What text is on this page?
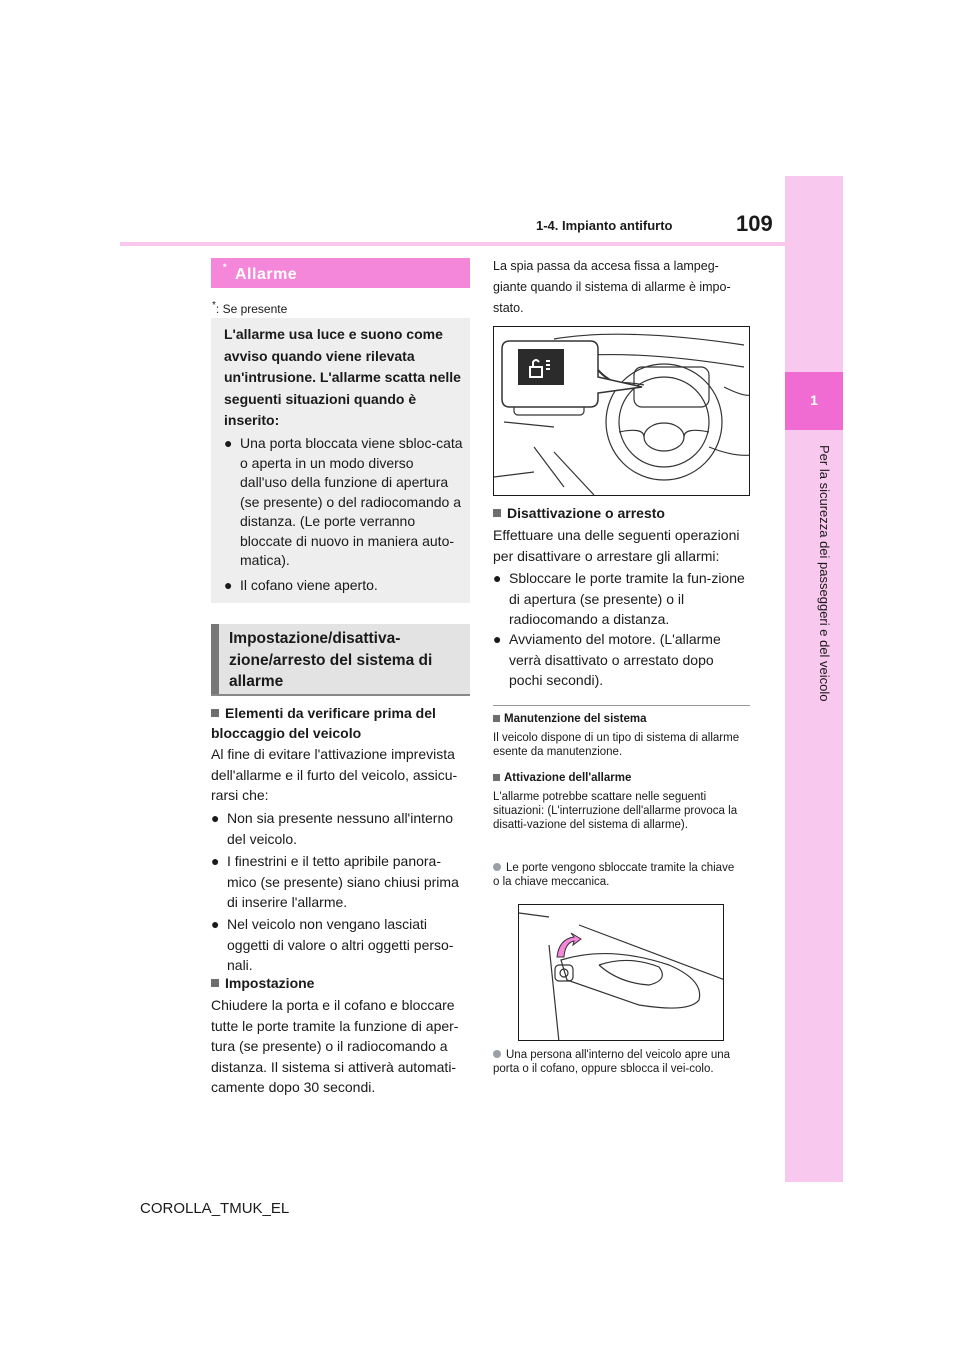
1
Per la sicurezza dei passeggeri e del veicolo
1-4. Impianto antifurto	109
Allarme
*
*: Se presente
L'allarme usa luce e suono come avviso quando viene rilevata un'intrusione. L'allarme scatta nelle seguenti situazioni quando è inserito:
● Una porta bloccata viene sbloc-cata o aperta in un modo diverso dall'uso della funzione di apertura (se presente) o del radiocomando a distanza. (Le porte verranno bloccate di nuovo in maniera auto-matica).
● Il cofano viene aperto.
Impostazione/disattiva-zione/arresto del sistema di allarme
Elementi da verificare prima del bloccaggio del veicolo
Al fine di evitare l'attivazione imprevista dell'allarme e il furto del veicolo, assicu-rarsi che:
● Non sia presente nessuno all'interno del veicolo.
● I finestrini e il tetto apribile panora-mico (se presente) siano chiusi prima di inserire l'allarme.
● Nel veicolo non vengano lasciati oggetti di valore o altri oggetti perso-nali.
Impostazione
Chiudere la porta e il cofano e bloccare tutte le porte tramite la funzione di aper-tura (se presente) o il radiocomando a distanza. Il sistema si attiverà automati-camente dopo 30 secondi.
La spia passa da accesa fissa a lampeg-giante quando il sistema di allarme è impo-stato.
Disattivazione o arresto
Effettuare una delle seguenti operazioni per disattivare o arrestare gli allarmi:
● Sbloccare le porte tramite la fun-zione di apertura (se presente) o il radiocomando a distanza.
● Avviamento del motore. (L'allarme verrà disattivato o arrestato dopo pochi secondi).
Manutenzione del sistema
Il veicolo dispone di un tipo di sistema di allarme esente da manutenzione.
Attivazione dell'allarme
L'allarme potrebbe scattare nelle seguenti situazioni: (L'interruzione dell'allarme provoca la disatti-vazione del sistema di allarme).
Le porte vengono sbloccate tramite la chiave o la chiave meccanica.
Una persona all'interno del veicolo apre una porta o il cofano, oppure sblocca il vei-colo.
COROLLA_TMUK_EL
